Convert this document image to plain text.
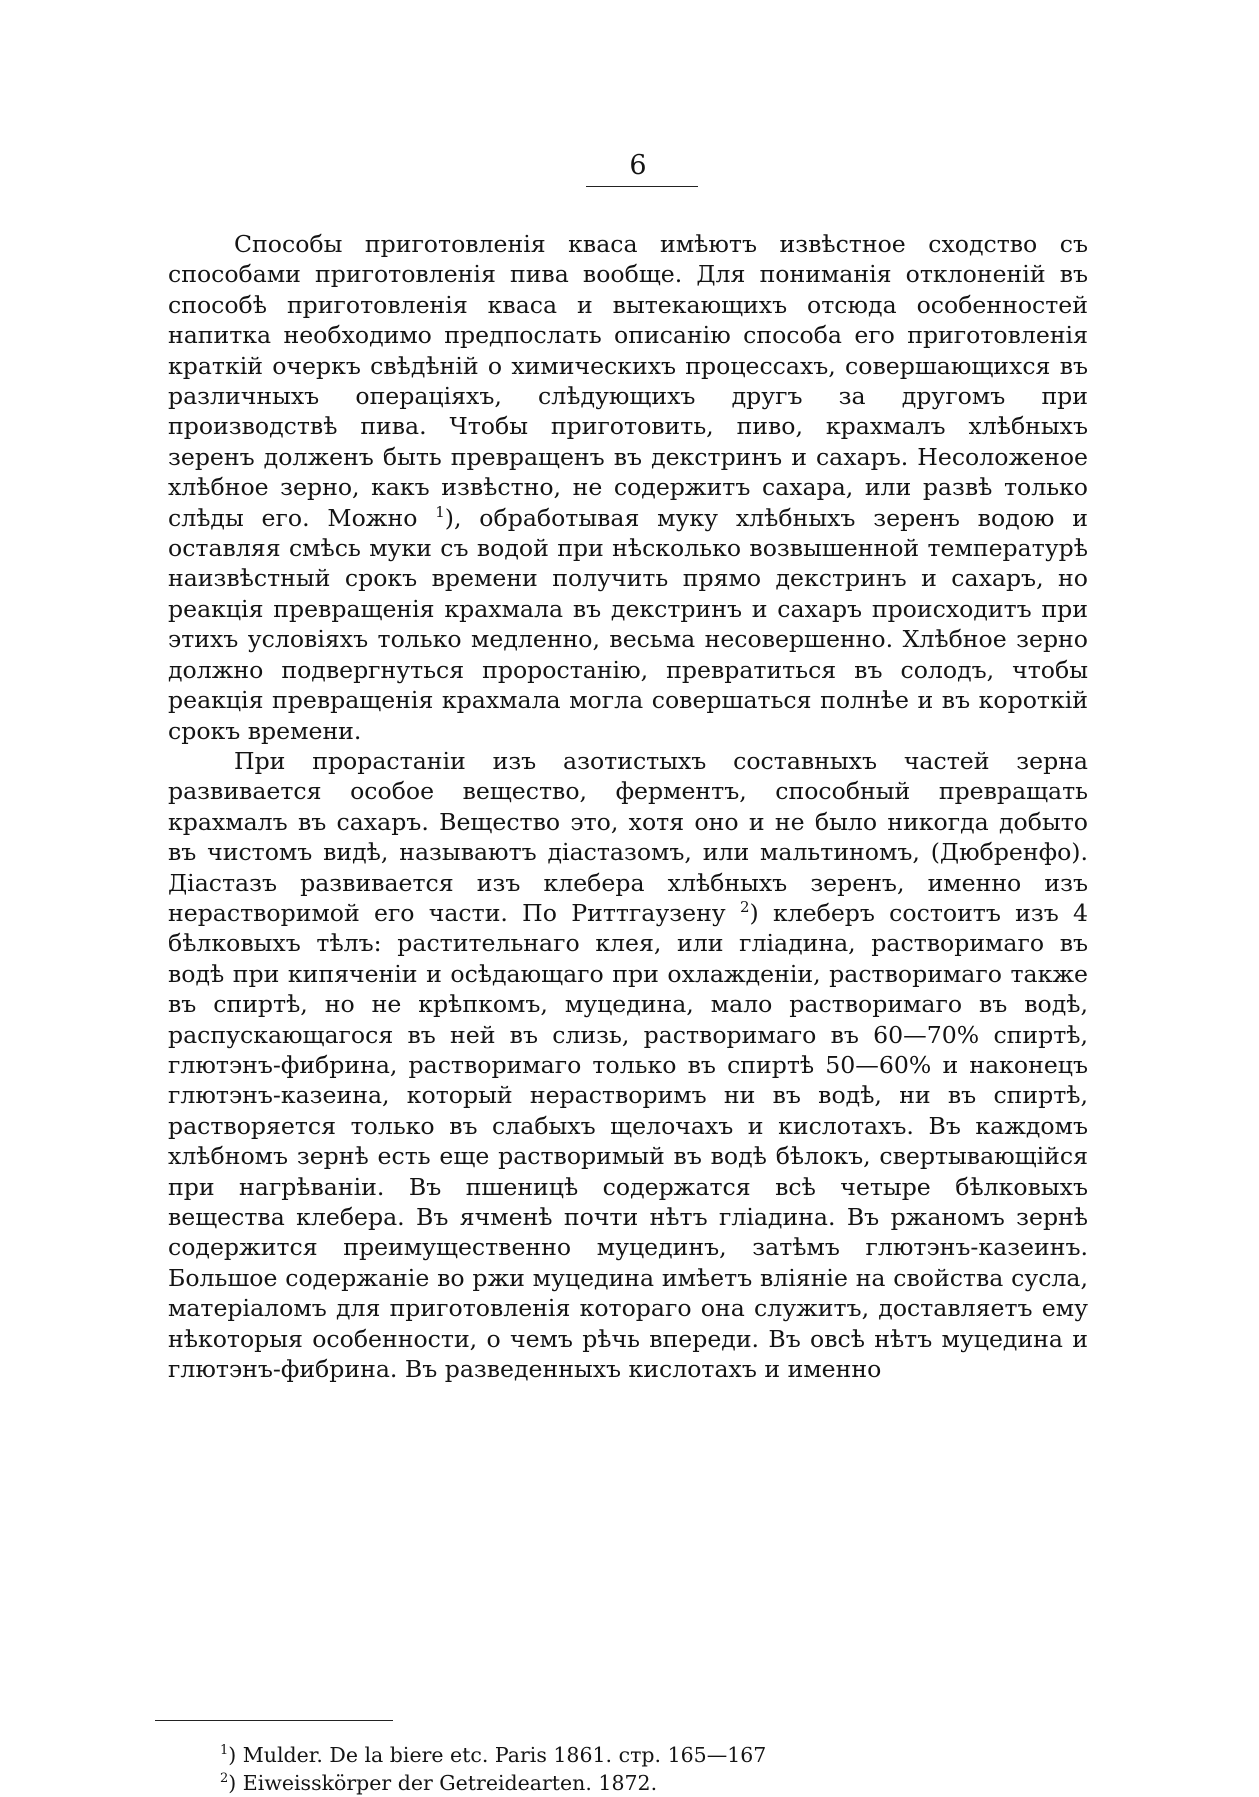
6

Способы приготовленія кваса имѣютъ извѣстное сходство съ способами приготовленія пива вообще. Для пониманія отклоненій въ способѣ приготовленія кваса и вытекающихъ отсюда особенностей напитка необходимо предпослать описанію способа его приготовленія краткій очеркъ свѣдѣній о химическихъ процессахъ, совершающихся въ различныхъ операціяхъ, слѣдующихъ другъ за другомъ при производствѣ пива. Чтобы приготовить, пиво, крахмалъ хлѣбныхъ зеренъ долженъ быть превращенъ въ декстринъ и сахаръ. Несоложеное хлѣбное зерно, какъ извѣстно, не содержитъ сахара, или развѣ только слѣды его. Можно $^1$), обработывая муку хлѣбныхъ зеренъ водою и оставляя смѣсь муки съ водой при нѣсколько возвышенной температурѣ наизвѣстный срокъ времени получить прямо декстринъ и сахаръ, но реакція превращенія крахмала въ декстринъ и сахаръ происходитъ при этихъ условіяхъ только медленно, весьма несовершенно. Хлѣбное зерно должно подвергнуться проростанію, превратиться въ солодъ, чтобы реакція превращенія крахмала могла совершаться полнѣе и въ короткій срокъ времени.

При прорастаніи изъ азотистыхъ составныхъ частей зерна развивается особое вещество, ферментъ, способный превращать крахмалъ въ сахаръ. Вещество это, хотя оно и не было никогда добыто въ чистомъ видѣ, называютъ діастазомъ, или мальтиномъ, (Дюбренфо). Діастазъ развивается изъ клебера хлѣбныхъ зеренъ, именно изъ нерастворимой его части. По Риттгаузену $^2$) клеберъ состоитъ изъ 4 бѣлковыхъ тѣлъ: растительнаго клея, или гліадина, растворимаго въ водѣ при кипяченіи и осѣдающаго при охлажденіи, растворимаго также въ спиртѣ, но не крѣпкомъ, муцедина, мало растворимаго въ водѣ, распускающагося въ ней въ слизь, растворимаго въ 60—70% спиртѣ, глютэнъ-фибрина, растворимаго только въ спиртѣ 50—60% и наконецъ глютэнъ-казеина, который нерастворимъ ни въ водѣ, ни въ спиртѣ, растворяется только въ слабыхъ щелочахъ и кислотахъ. Въ каждомъ хлѣбномъ зернѣ есть еще растворимый въ водѣ бѣлокъ, свертывающійся при нагрѣваніи. Въ пшеницѣ содержатся всѣ четыре бѣлковыхъ вещества клебера. Въ ячменѣ почти нѣтъ гліадина. Въ ржаномъ зернѣ содержится преимущественно муцединъ, затѣмъ глютэнъ-казеинъ. Большое содержаніе во ржи муцедина имѣетъ вліяніе на свойства сусла, матеріаломъ для приготовленія котораго она служитъ, доставляетъ ему нѣкоторыя особенности, о чемъ рѣчь впереди. Въ овсѣ нѣтъ муцедина и глютэнъ-фибрина. Въ разведенныхъ кислотахъ и именно

$^1$) Mulder. De la biere etc. Paris 1861. стр. 165—167

$^2$) Eiweisskörper der Getreidearten. 1872.
